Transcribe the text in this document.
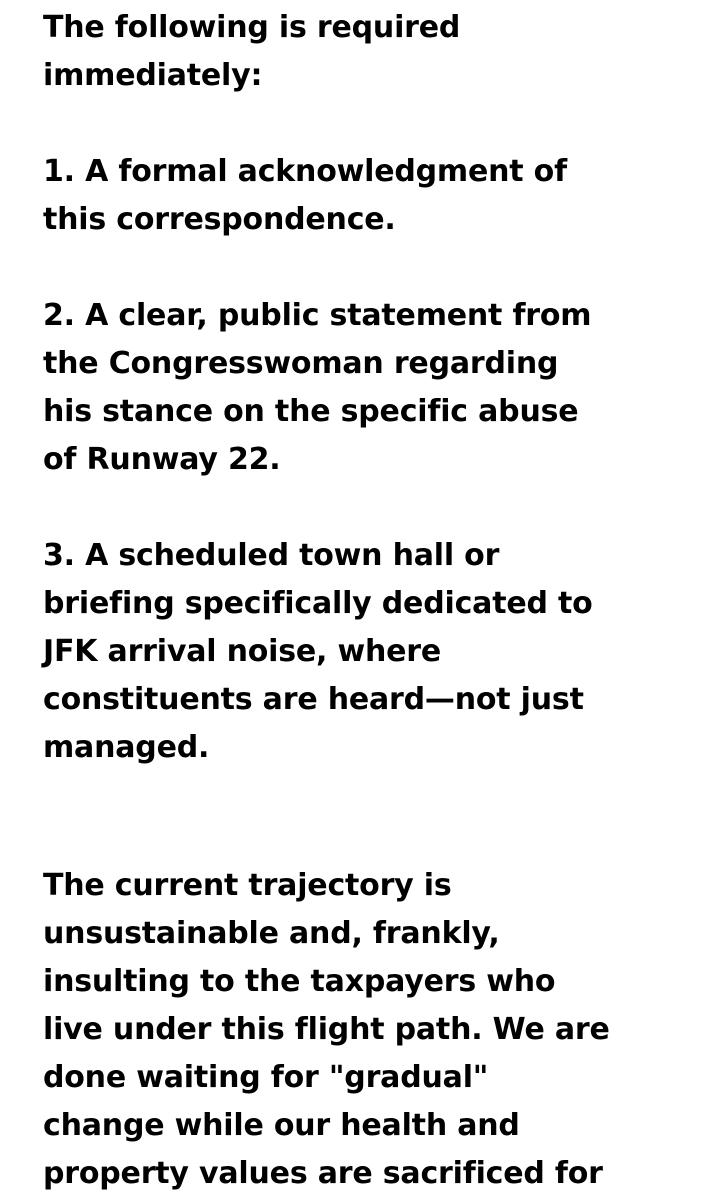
The following is required
immediately:
1. A formal acknowledgment of
this correspondence.
2. A clear, public statement from
the Congresswoman regarding
his stance on the specific abuse
of Runway 22.
3. A scheduled town hall or
briefing specifically dedicated to
JFK arrival noise, where
constituents are heard—not just
managed.
The current trajectory is
unsustainable and, frankly,
insulting to the taxpayers who
live under this flight path. We are
done waiting for "gradual"
change while our health and
property values are sacrificed for
